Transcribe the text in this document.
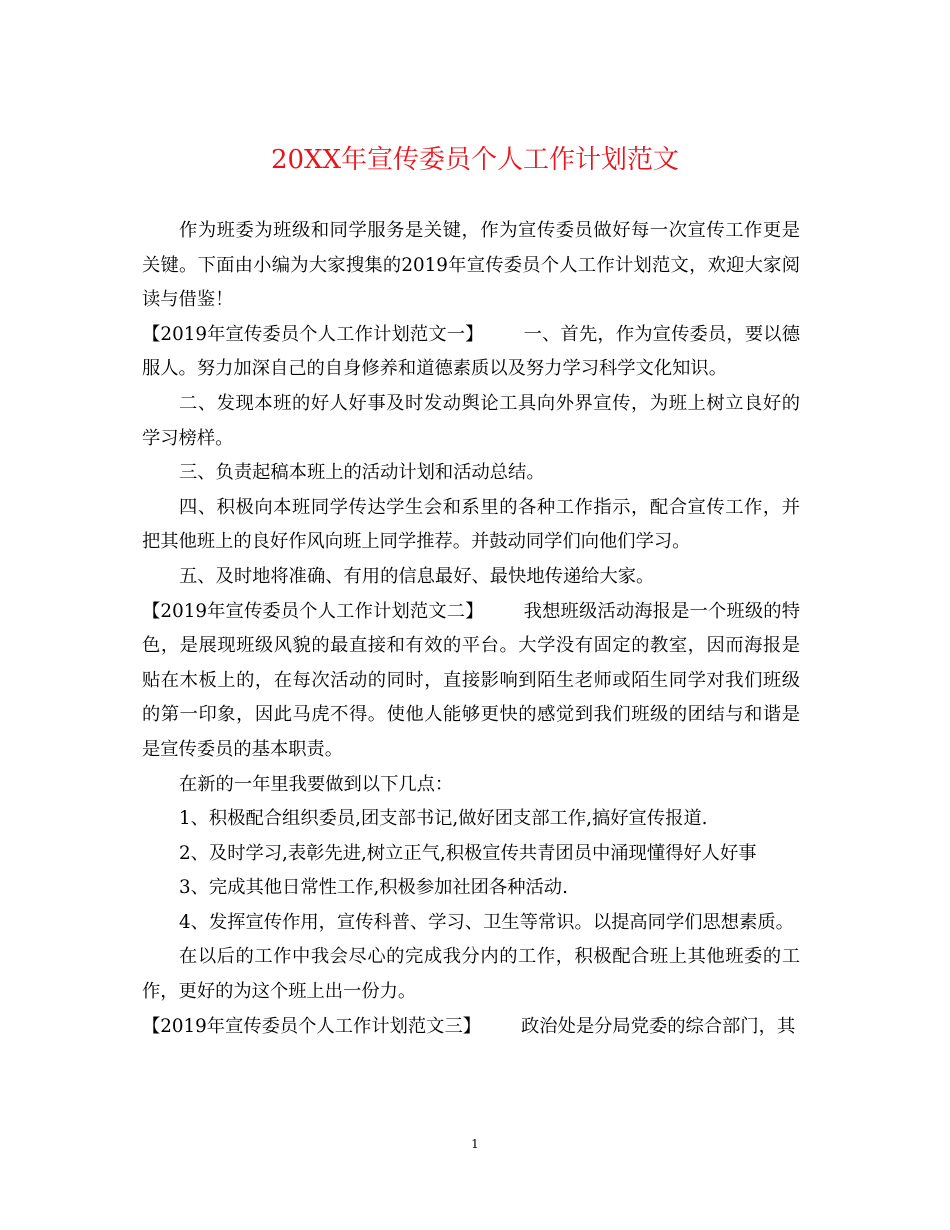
20XX年宣传委员个人工作计划范文

作为班委为班级和同学服务是关键，作为宣传委员做好每一次宣传工作更是关键。下面由小编为大家搜集的2019年宣传委员个人工作计划范文，欢迎大家阅读与借鉴！

【2019年宣传委员个人工作计划范文一】 一、首先，作为宣传委员，要以德服人。努力加深自己的自身修养和道德素质以及努力学习科学文化知识。

二、发现本班的好人好事及时发动舆论工具向外界宣传，为班上树立良好的学习榜样。

三、负责起稿本班上的活动计划和活动总结。

四、积极向本班同学传达学生会和系里的各种工作指示，配合宣传工作，并把其他班上的良好作风向班上同学推荐。并鼓动同学们向他们学习。

五、及时地将准确、有用的信息最好、最快地传递给大家。

【2019年宣传委员个人工作计划范文二】 我想班级活动海报是一个班级的特色，是展现班级风貌的最直接和有效的平台。大学没有固定的教室，因而海报是贴在木板上的，在每次活动的同时，直接影响到陌生老师或陌生同学对我们班级的第一印象，因此马虎不得。使他人能够更快的感觉到我们班级的团结与和谐是是宣传委员的基本职责。

在新的一年里我要做到以下几点：

1、积极配合组织委员,团支部书记,做好团支部工作,搞好宣传报道.

2、及时学习,表彰先进,树立正气,积极宣传共青团员中涌现懂得好人好事

3、完成其他日常性工作,积极参加社团各种活动.

4、发挥宣传作用，宣传科普、学习、卫生等常识。以提高同学们思想素质。

在以后的工作中我会尽心的完成我分内的工作，积极配合班上其他班委的工作，更好的为这个班上出一份力。

【2019年宣传委员个人工作计划范文三】 政治处是分局党委的综合部门，其

1
